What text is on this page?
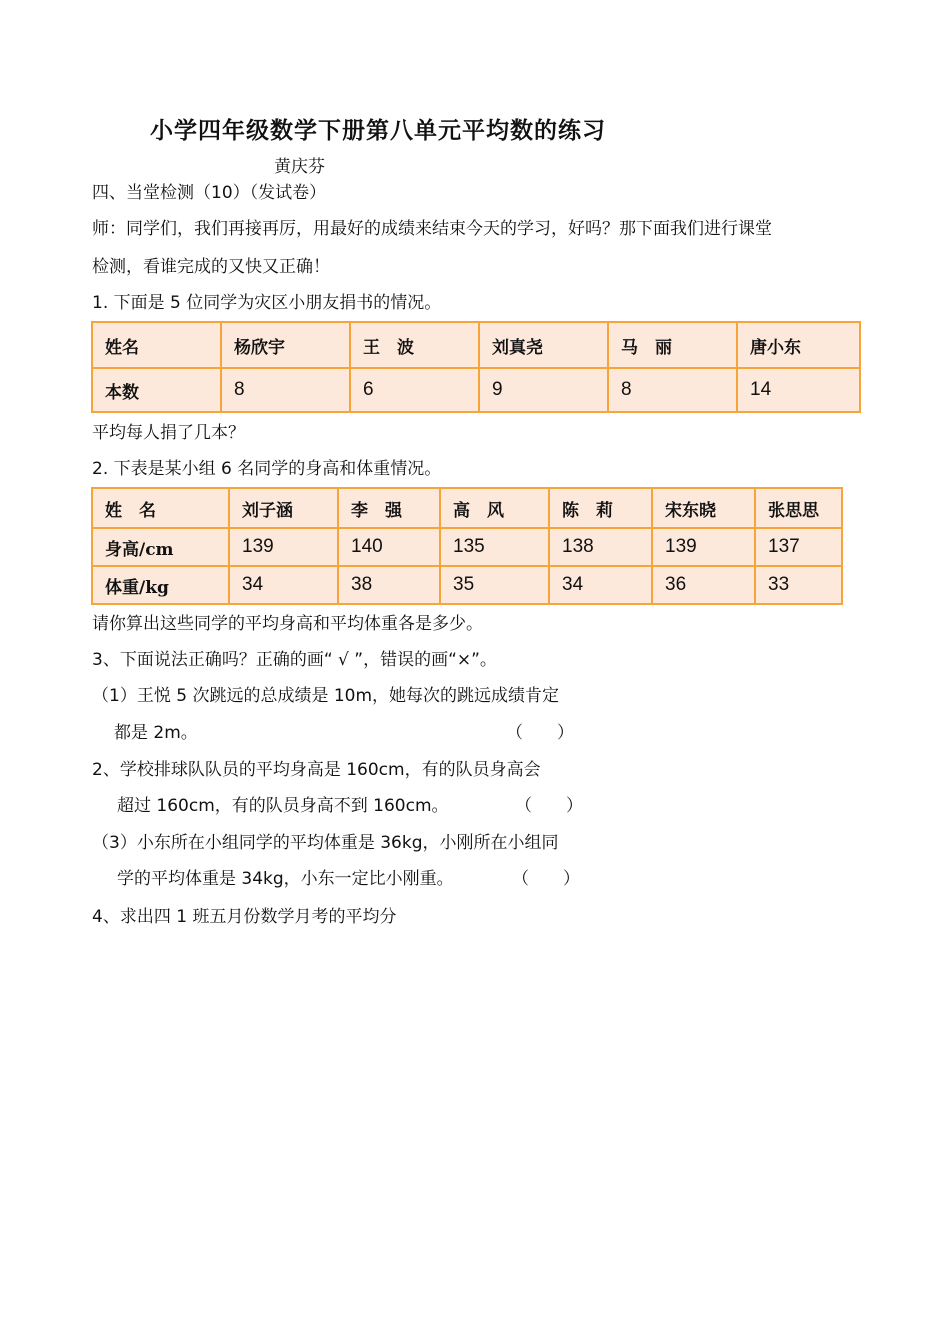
小学四年级数学下册第八单元平均数的练习
黄庆芬
四、当堂检测（10）（发试卷）
师：同学们，我们再接再厉，用最好的成绩来结束今天的学习，好吗？那下面我们进行课堂
检测，看谁完成的又快又正确！
1. 下面是 5 位同学为灾区小朋友捐书的情况。
姓名	杨欣宇	王　波	刘真尧	马　丽	唐小东
本数	8	6	9	8	14
平均每人捐了几本？
2. 下表是某小组 6 名同学的身高和体重情况。
姓　名	刘子涵	李　强	高　风	陈　莉	宋东晓	张思思
身高/cm	139	140	135	138	139	137
体重/kg	34	38	35	34	36	33
请你算出这些同学的平均身高和平均体重各是多少。
3、下面说法正确吗？正确的画“ √ ”，错误的画“×”。
（1）王悦 5 次跳远的总成绩是 10m，她每次的跳远成绩肯定
都是 2m。	（　　）
2、学校排球队队员的平均身高是 160cm，有的队员身高会
超过 160cm，有的队员身高不到 160cm。	（　　）
（3）小东所在小组同学的平均体重是 36kg，小刚所在小组同
学的平均体重是 34kg，小东一定比小刚重。	（　　）
4、求出四 1 班五月份数学月考的平均分
